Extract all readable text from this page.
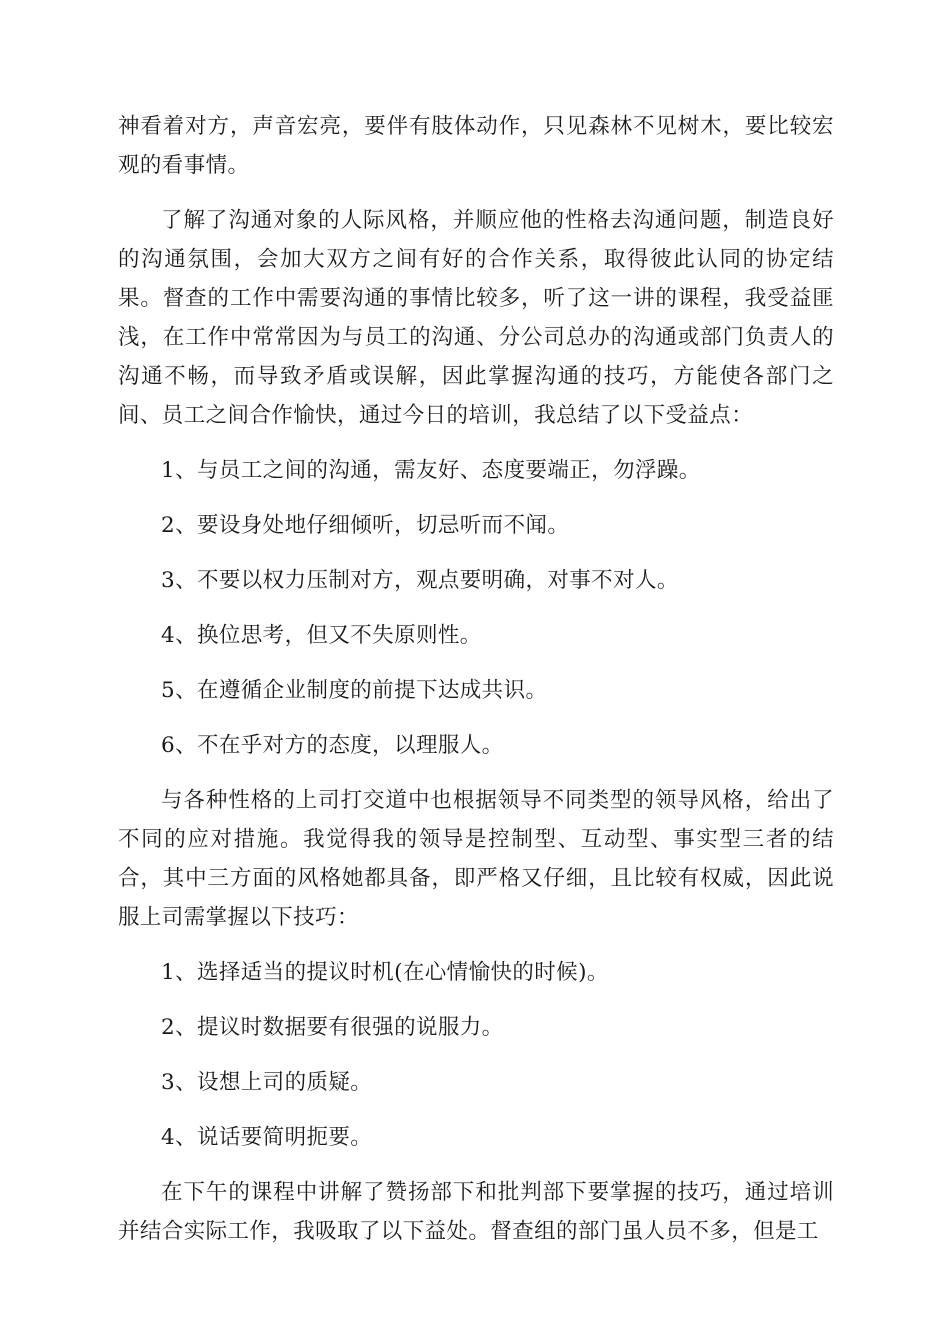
神看着对方，声音宏亮，要伴有肢体动作，只见森林不见树木，要比较宏观的看事情。

了解了沟通对象的人际风格，并顺应他的性格去沟通问题，制造良好的沟通氛围，会加大双方之间有好的合作关系，取得彼此认同的协定结果。督查的工作中需要沟通的事情比较多，听了这一讲的课程，我受益匪浅，在工作中常常因为与员工的沟通、分公司总办的沟通或部门负责人的沟通不畅，而导致矛盾或误解，因此掌握沟通的技巧，方能使各部门之间、员工之间合作愉快，通过今日的培训，我总结了以下受益点：

1、与员工之间的沟通，需友好、态度要端正，勿浮躁。

2、要设身处地仔细倾听，切忌听而不闻。

3、不要以权力压制对方，观点要明确，对事不对人。

4、换位思考，但又不失原则性。

5、在遵循企业制度的前提下达成共识。

6、不在乎对方的态度，以理服人。

与各种性格的上司打交道中也根据领导不同类型的领导风格，给出了不同的应对措施。我觉得我的领导是控制型、互动型、事实型三者的结合，其中三方面的风格她都具备，即严格又仔细，且比较有权威，因此说服上司需掌握以下技巧：

1、选择适当的提议时机(在心情愉快的时候)。

2、提议时数据要有很强的说服力。

3、设想上司的质疑。

4、说话要简明扼要。

在下午的课程中讲解了赞扬部下和批判部下要掌握的技巧，通过培训并结合实际工作，我吸取了以下益处。督查组的部门虽人员不多，但是工
